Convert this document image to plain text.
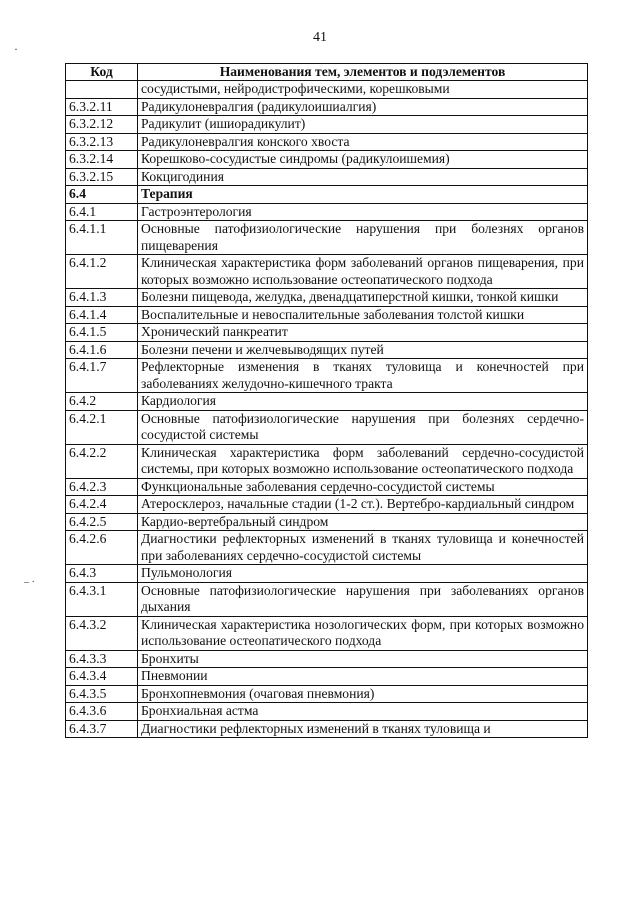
41
·
‒ ·
Код	Наименования тем, элементов и подэлементов
	сосудистыми, нейродистрофическими, корешковыми
6.3.2.11	Радикулоневралгия (радикулоишиалгия)
6.3.2.12	Радикулит (ишиорадикулит)
6.3.2.13	Радикулоневралгия конского хвоста
6.3.2.14	Корешково-сосудистые синдромы (радикулоишемия)
6.3.2.15	Кокцигодиния
6.4	Терапия
6.4.1	Гастроэнтерология
6.4.1.1	Основные патофизиологические нарушения при болезнях органов пищеварения
6.4.1.2	Клиническая характеристика форм заболеваний органов пищеварения, при которых возможно использование остеопатического подхода
6.4.1.3	Болезни пищевода, желудка, двенадцатиперстной кишки, тонкой кишки
6.4.1.4	Воспалительные и невоспалительные заболевания толстой кишки
6.4.1.5	Хронический панкреатит
6.4.1.6	Болезни печени и желчевыводящих путей
6.4.1.7	Рефлекторные изменения в тканях туловища и конечностей при заболеваниях желудочно-кишечного тракта
6.4.2	Кардиология
6.4.2.1	Основные патофизиологические нарушения при болезнях сердечно-сосудистой системы
6.4.2.2	Клиническая характеристика форм заболеваний сердечно-сосудистой системы, при которых возможно использование остеопатического подхода
6.4.2.3	Функциональные заболевания сердечно-сосудистой системы
6.4.2.4	Атеросклероз, начальные стадии (1-2 ст.). Вертебро-кардиальный синдром
6.4.2.5	Кардио-вертебральный синдром
6.4.2.6	Диагностики рефлекторных изменений в тканях туловища и конечностей при заболеваниях сердечно-сосудистой системы
6.4.3	Пульмонология
6.4.3.1	Основные патофизиологические нарушения при заболеваниях органов дыхания
6.4.3.2	Клиническая характеристика нозологических форм, при которых возможно использование остеопатического подхода
6.4.3.3	Бронхиты
6.4.3.4	Пневмонии
6.4.3.5	Бронхопневмония (очаговая пневмония)
6.4.3.6	Бронхиальная астма
6.4.3.7	Диагностики рефлекторных изменений в тканях туловища и
